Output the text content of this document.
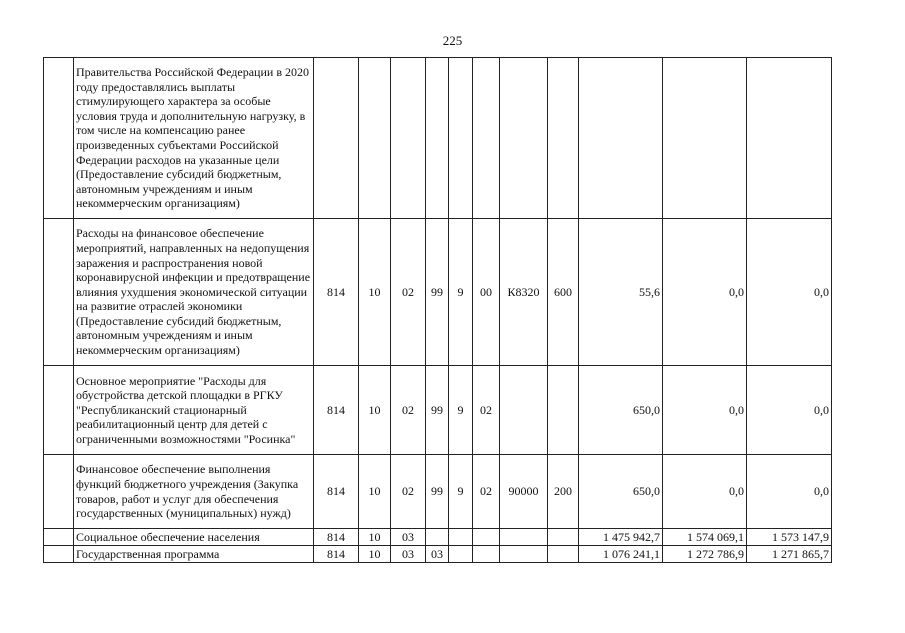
225
	Правительства Российской Федерации в 2020 году предоставлялись выплаты стимулирующего характера за особые условия труда и дополнительную нагрузку, в том числе на компенсацию ранее произведенных субъектами Российской Федерации расходов на указанные цели (Предоставление субсидий бюджетным, автономным учреждениям и иным некоммерческим организациям)											
	Расходы на финансовое обеспечение мероприятий, направленных на недопущения заражения и распространения новой коронавирусной инфекции и предотвращение влияния ухудшения экономической ситуации на развитие отраслей экономики (Предоставление субсидий бюджетным, автономным учреждениям и иным некоммерческим организациям)	814	10	02	99	9	00	К8320	600	55,6	0,0	0,0
	Основное мероприятие "Расходы для обустройства детской площадки в РГКУ "Республиканский стационарный реабилитационный центр для детей с ограниченными возможностями "Росинка"	814	10	02	99	9	02			650,0	0,0	0,0
	Финансовое обеспечение выполнения функций бюджетного учреждения (Закупка товаров, работ и услуг для обеспечения государственных (муниципальных) нужд)	814	10	02	99	9	02	90000	200	650,0	0,0	0,0
	Социальное обеспечение населения	814	10	03						1 475 942,7	1 574 069,1	1 573 147,9
	Государственная программа	814	10	03	03					1 076 241,1	1 272 786,9	1 271 865,7
